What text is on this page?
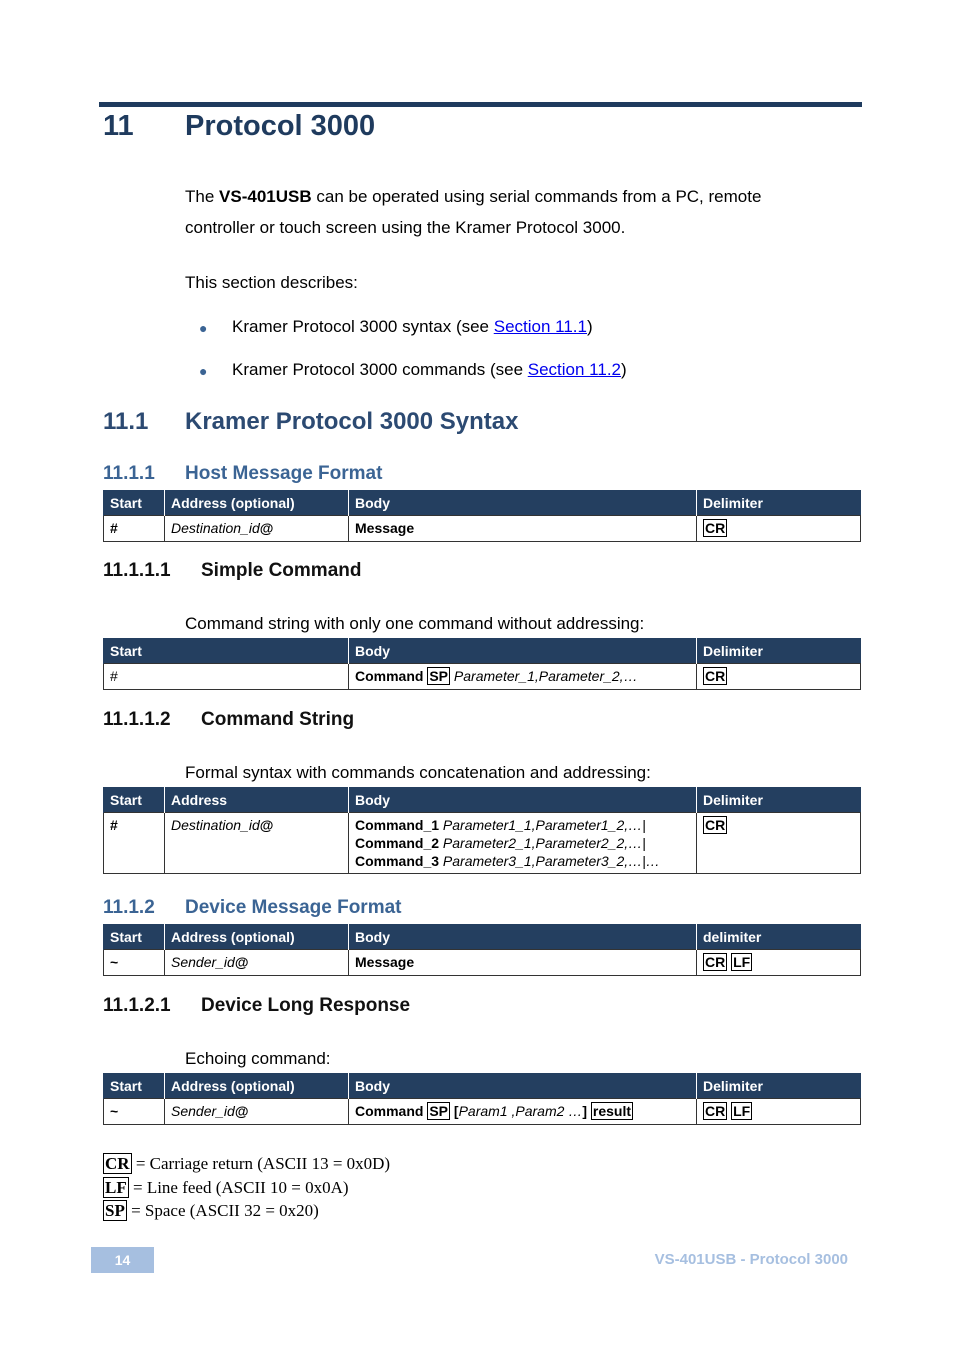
11 Protocol 3000
The VS-401USB can be operated using serial commands from a PC, remote
controller or touch screen using the Kramer Protocol 3000.
This section describes:
● Kramer Protocol 3000 syntax (see Section 11.1)
● Kramer Protocol 3000 commands (see Section 11.2)
11.1 Kramer Protocol 3000 Syntax
11.1.1 Host Message Format
Start	Address (optional)	Body	Delimiter
#	Destination_id@	Message	CR
11.1.1.1 Simple Command
Command string with only one command without addressing:
Start	Body	Delimiter
#	Command SP Parameter_1,Parameter_2,…	CR
11.1.1.2 Command String
Formal syntax with commands concatenation and addressing:
Start	Address	Body	Delimiter
#	Destination_id@	Command_1 Parameter1_1,Parameter1_2,…|
Command_2 Parameter2_1,Parameter2_2,…|
Command_3 Parameter3_1,Parameter3_2,…|…	CR
11.1.2 Device Message Format
Start	Address (optional)	Body	delimiter
~	Sender_id@	Message	CR LF
11.1.2.1 Device Long Response
Echoing command:
Start	Address (optional)	Body	Delimiter
~	Sender_id@	Command SP [Param1 ,Param2 …] result	CR LF
CR = Carriage return (ASCII 13 = 0x0D)
LF = Line feed (ASCII 10 = 0x0A)
SP = Space (ASCII 32 = 0x20)
14	VS-401USB - Protocol 3000
